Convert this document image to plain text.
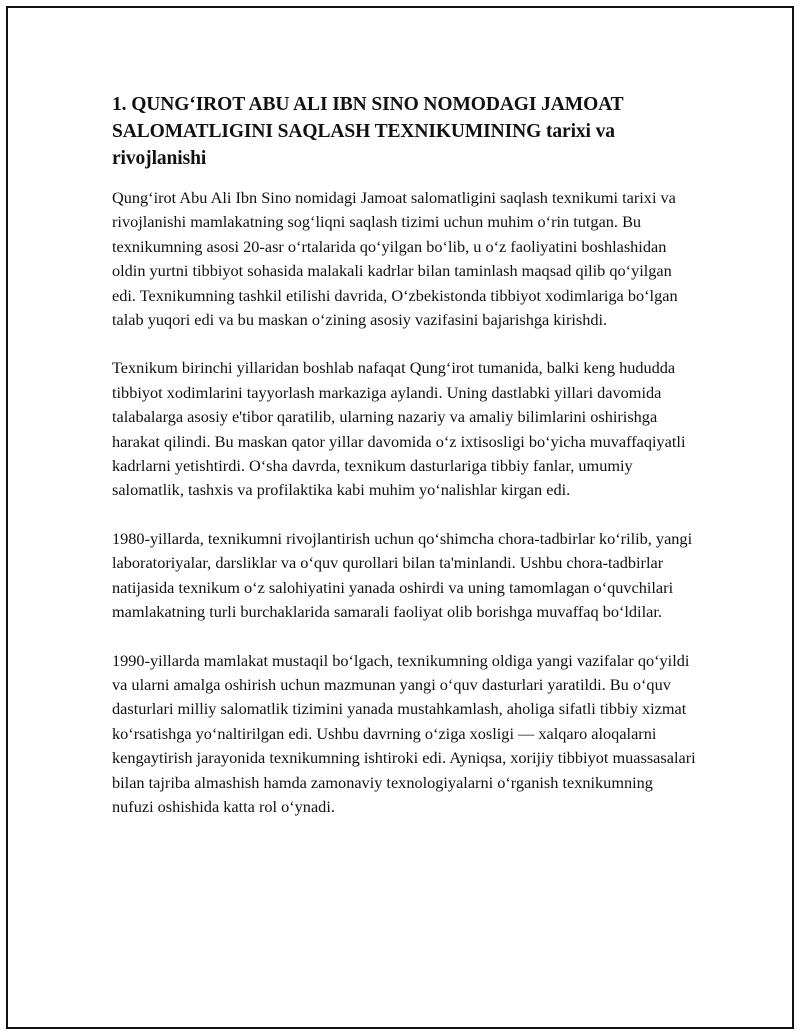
1. QUNG‘IROT ABU ALI IBN SINO NOMODAGI JAMOAT SALOMATLIGINI SAQLASH TEXNIKUMINING tarixi va rivojlanishi

Qung‘irot Abu Ali Ibn Sino nomidagi Jamoat salomatligini saqlash texnikumi tarixi va rivojlanishi mamlakatning sog‘liqni saqlash tizimi uchun muhim o‘rin tutgan. Bu texnikumning asosi 20-asr o‘rtalarida qo‘yilgan bo‘lib, u o‘z faoliyatini boshlashidan oldin yurtni tibbiyot sohasida malakali kadrlar bilan taminlash maqsad qilib qo‘yilgan edi. Texnikumning tashkil etilishi davrida, O‘zbekistonda tibbiyot xodimlariga bo‘lgan talab yuqori edi va bu maskan o‘zining asosiy vazifasini bajarishga kirishdi.

Texnikum birinchi yillaridan boshlab nafaqat Qung‘irot tumanida, balki keng hududda tibbiyot xodimlarini tayyorlash markaziga aylandi. Uning dastlabki yillari davomida talabalarga asosiy e'tibor qaratilib, ularning nazariy va amaliy bilimlarini oshirishga harakat qilindi. Bu maskan qator yillar davomida o‘z ixtisosligi bo‘yicha muvaffaqiyatli kadrlarni yetishtirdi. O‘sha davrda, texnikum dasturlariga tibbiy fanlar, umumiy salomatlik, tashxis va profilaktika kabi muhim yo‘nalishlar kirgan edi.

1980-yillarda, texnikumni rivojlantirish uchun qo‘shimcha chora-tadbirlar ko‘rilib, yangi laboratoriyalar, darsliklar va o‘quv qurollari bilan ta'minlandi. Ushbu chora-tadbirlar natijasida texnikum o‘z salohiyatini yanada oshirdi va uning tamomlagan o‘quvchilari mamlakatning turli burchaklarida samarali faoliyat olib borishga muvaffaq bo‘ldilar.

1990-yillarda mamlakat mustaqil bo‘lgach, texnikumning oldiga yangi vazifalar qo‘yildi va ularni amalga oshirish uchun mazmunan yangi o‘quv dasturlari yaratildi. Bu o‘quv dasturlari milliy salomatlik tizimini yanada mustahkamlash, aholiga sifatli tibbiy xizmat ko‘rsatishga yo‘naltirilgan edi. Ushbu davrning o‘ziga xosligi — xalqaro aloqalarni kengaytirish jarayonida texnikumning ishtiroki edi. Ayniqsa, xorijiy tibbiyot muassasalari bilan tajriba almashish hamda zamonaviy texnologiyalarni o‘rganish texnikumning nufuzi oshishida katta rol o‘ynadi.
